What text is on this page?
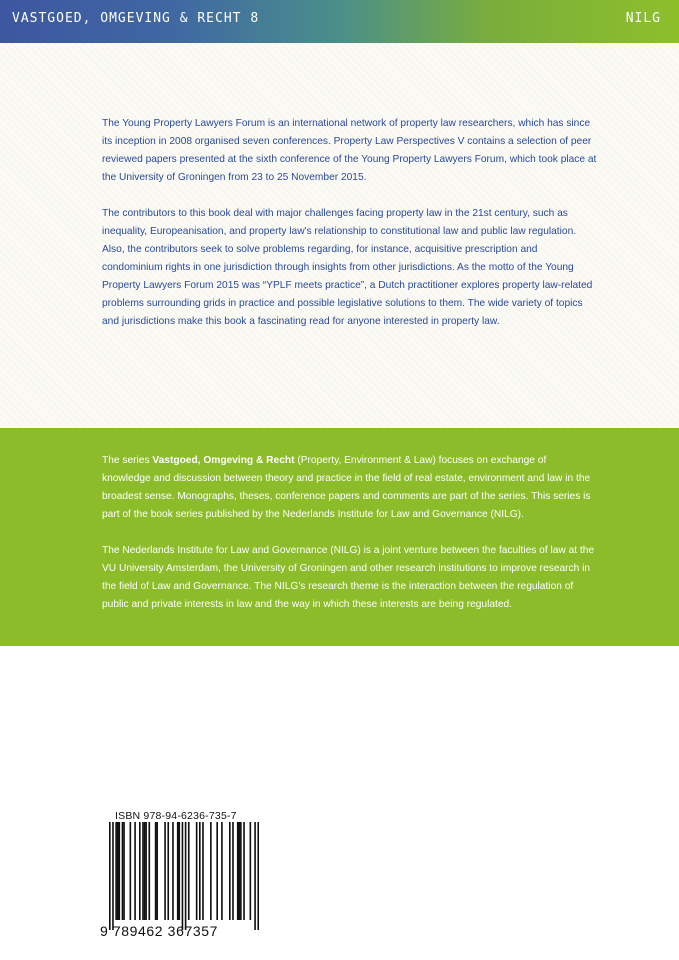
VASTGOED, OMGEVING & RECHT 8	NILG

The Young Property Lawyers Forum is an international network of property law researchers, which has since its inception in 2008 organised seven conferences. Property Law Perspectives V contains a selection of peer reviewed papers presented at the sixth conference of the Young Property Lawyers Forum, which took place at the University of Groningen from 23 to 25 November 2015.

The contributors to this book deal with major challenges facing property law in the 21st century, such as inequality, Europeanisation, and property law's relationship to constitutional law and public law regulation. Also, the contributors seek to solve problems regarding, for instance, acquisitive prescription and condominium rights in one jurisdiction through insights from other jurisdictions. As the motto of the Young Property Lawyers Forum 2015 was “YPLF meets practice”, a Dutch practitioner explores property law-related problems surrounding grids in practice and possible legislative solutions to them. The wide variety of topics and jurisdictions make this book a fascinating read for anyone interested in property law.

The series Vastgoed, Omgeving & Recht (Property, Environment & Law) focuses on exchange of knowledge and discussion between theory and practice in the field of real estate, environment and law in the broadest sense. Monographs, theses, conference papers and comments are part of the series. This series is part of the book series published by the Nederlands Institute for Law and Governance (NILG).

The Nederlands Institute for Law and Governance (NILG) is a joint venture between the faculties of law at the VU University Amsterdam, the University of Groningen and other research institutions to improve research in the field of Law and Governance. The NILG's research theme is the interaction between the regulation of public and private interests in law and the way in which these interests are being regulated.

ISBN 978-94-6236-735-7
9 789462 367357
